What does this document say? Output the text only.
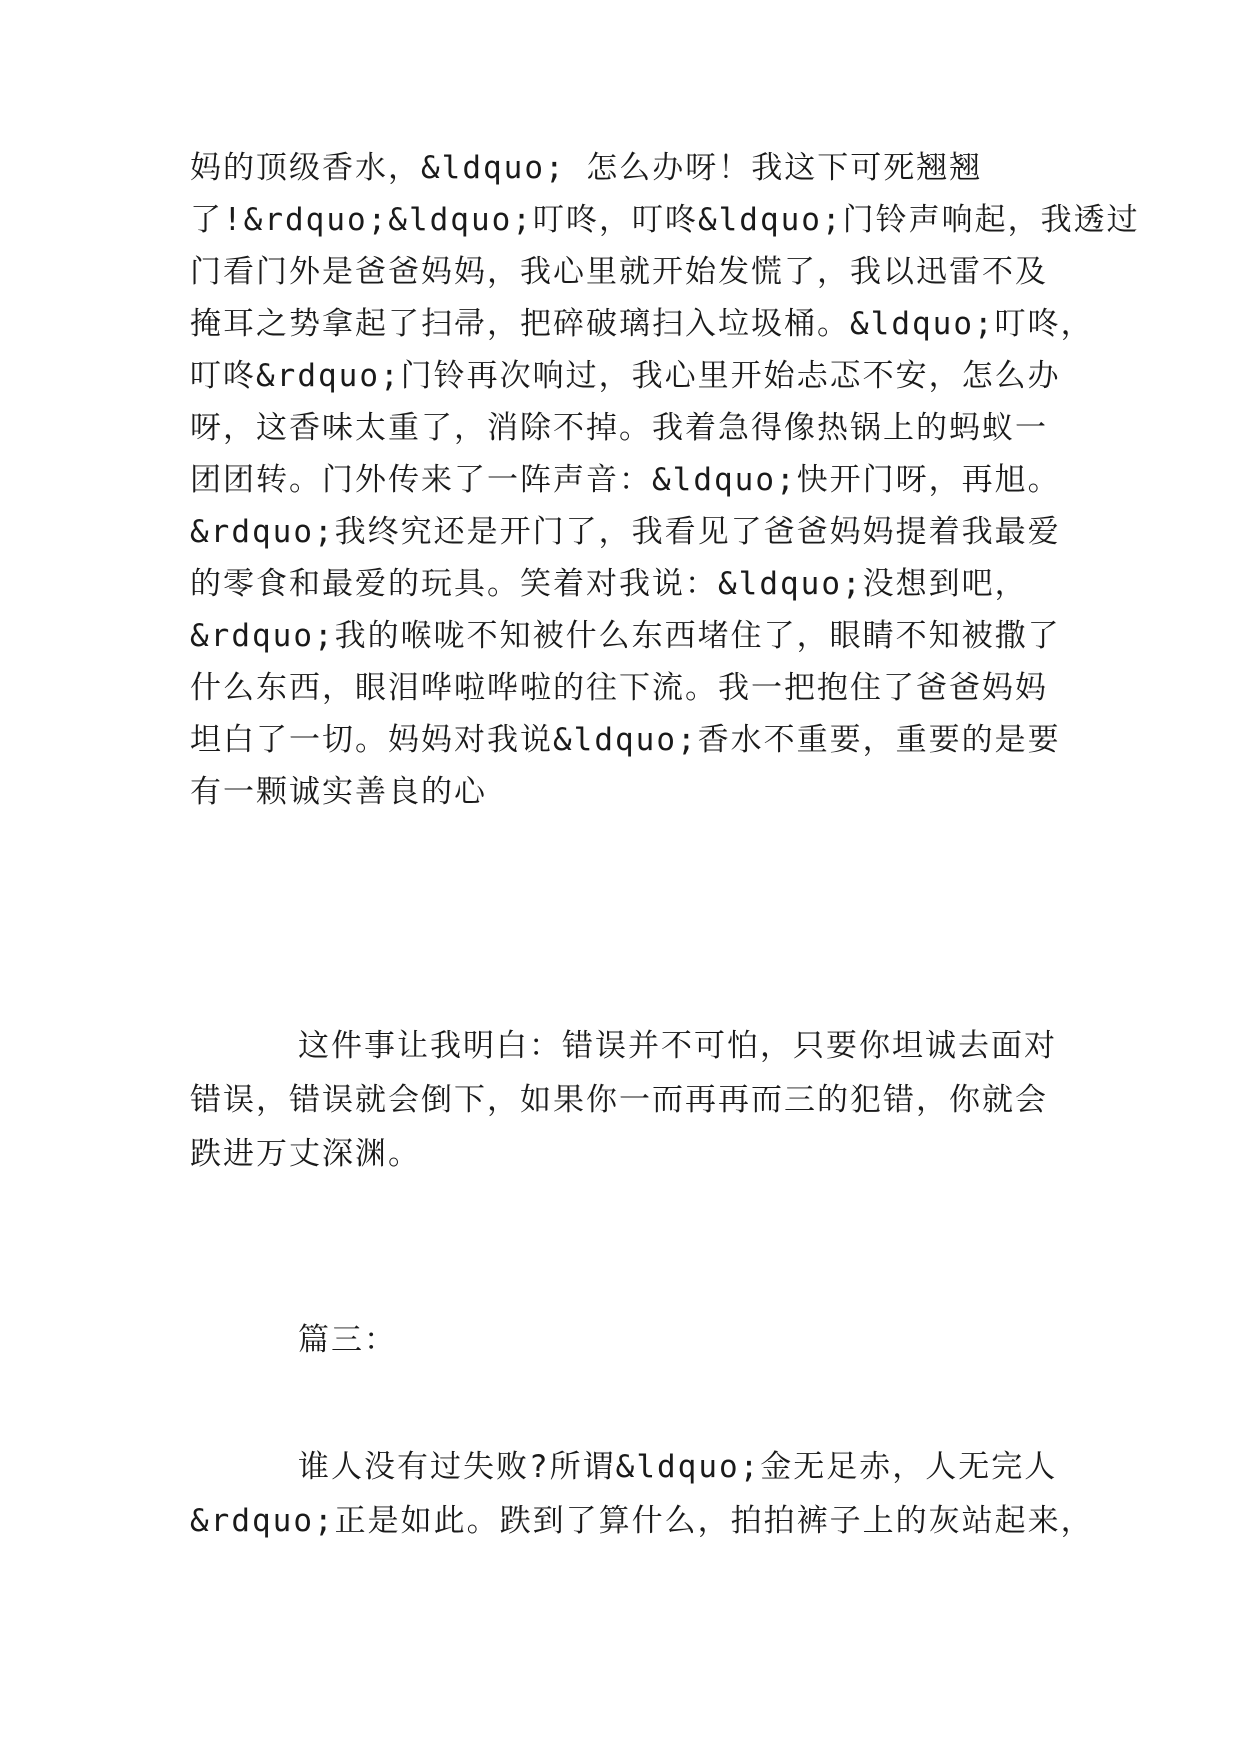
妈的顶级香水，&ldquo; 怎么办呀！我这下可死翘翘
了!&rdquo;&ldquo;叮咚，叮咚&ldquo;门铃声响起，我透过
门看门外是爸爸妈妈，我心里就开始发慌了，我以迅雷不及
掩耳之势拿起了扫帚，把碎破璃扫入垃圾桶。&ldquo;叮咚，
叮咚&rdquo;门铃再次响过，我心里开始忐忑不安，怎么办
呀，这香味太重了，消除不掉。我着急得像热锅上的蚂蚁一
团团转。门外传来了一阵声音：&ldquo;快开门呀，再旭。
&rdquo;我终究还是开门了，我看见了爸爸妈妈提着我最爱
的零食和最爱的玩具。笑着对我说：&ldquo;没想到吧，
&rdquo;我的喉咙不知被什么东西堵住了，眼睛不知被撒了
什么东西，眼泪哗啦哗啦的往下流。我一把抱住了爸爸妈妈
坦白了一切。妈妈对我说&ldquo;香水不重要，重要的是要
有一颗诚实善良的心
这件事让我明白：错误并不可怕，只要你坦诚去面对
错误，错误就会倒下，如果你一而再再而三的犯错，你就会
跌进万丈深渊。
篇三：
谁人没有过失败?所谓&ldquo;金无足赤，人无完人
&rdquo;正是如此。跌到了算什么，拍拍裤子上的灰站起来，
